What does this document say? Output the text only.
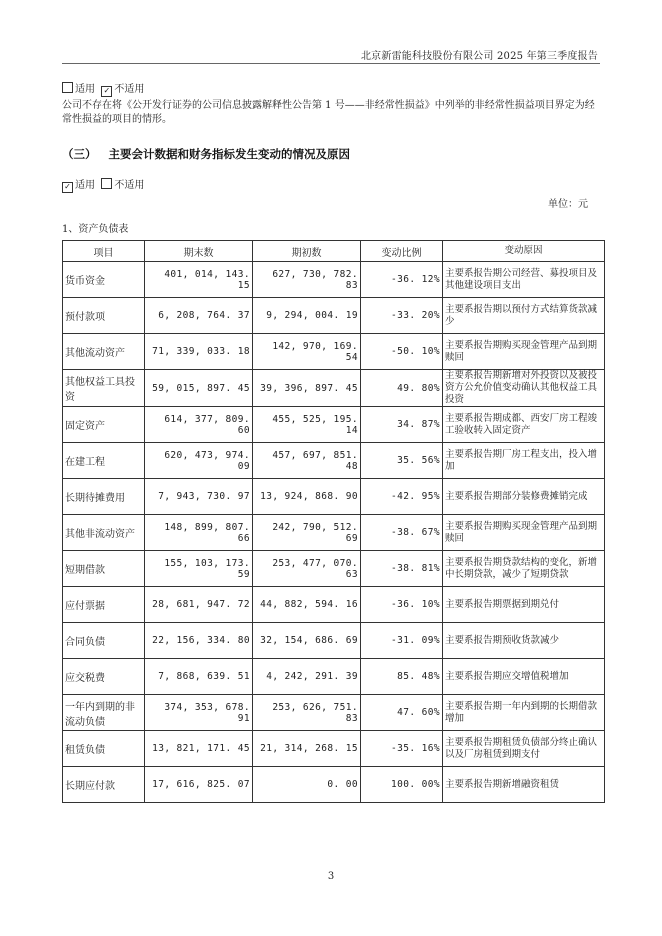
北京新雷能科技股份有限公司 2025 年第三季度报告
适用 ✓ 不适用
公司不存在将《公开发行证券的公司信息披露解释性公告第 1 号——非经常性损益》中列举的非经常性损益项目界定为经常性损益的项目的情形。
（三） 主要会计数据和财务指标发生变动的情况及原因
✓ 适用 不适用
单位：元
1、资产负债表
项目	期末数	期初数	变动比例	变动原因
货币资金	401, 014, 143. 15	627, 730, 782. 83	-36. 12%	主要系报告期公司经营、募投项目及其他建设项目支出
预付款项	6, 208, 764. 37	9, 294, 004. 19	-33. 20%	主要系报告期以预付方式结算货款减少
其他流动资产	71, 339, 033. 18	142, 970, 169. 54	-50. 10%	主要系报告期购买现金管理产品到期赎回
其他权益工具投资	59, 015, 897. 45	39, 396, 897. 45	49. 80%	主要系报告期新增对外投资以及被投资方公允价值变动确认其他权益工具投资
固定资产	614, 377, 809. 60	455, 525, 195. 14	34. 87%	主要系报告期成都、西安厂房工程竣工验收转入固定资产
在建工程	620, 473, 974. 09	457, 697, 851. 48	35. 56%	主要系报告期厂房工程支出，投入增加
长期待摊费用	7, 943, 730. 97	13, 924, 868. 90	-42. 95%	主要系报告期部分装修费摊销完成
其他非流动资产	148, 899, 807. 66	242, 790, 512. 69	-38. 67%	主要系报告期购买现金管理产品到期赎回
短期借款	155, 103, 173. 59	253, 477, 070. 63	-38. 81%	主要系报告期贷款结构的变化，新增中长期贷款，减少了短期贷款
应付票据	28, 681, 947. 72	44, 882, 594. 16	-36. 10%	主要系报告期票据到期兑付
合同负债	22, 156, 334. 80	32, 154, 686. 69	-31. 09%	主要系报告期预收货款减少
应交税费	7, 868, 639. 51	4, 242, 291. 39	85. 48%	主要系报告期应交增值税增加
一年内到期的非流动负债	374, 353, 678. 91	253, 626, 751. 83	47. 60%	主要系报告期一年内到期的长期借款增加
租赁负债	13, 821, 171. 45	21, 314, 268. 15	-35. 16%	主要系报告期租赁负债部分终止确认以及厂房租赁到期支付
长期应付款	17, 616, 825. 07	0. 00	100. 00%	主要系报告期新增融资租赁
3
